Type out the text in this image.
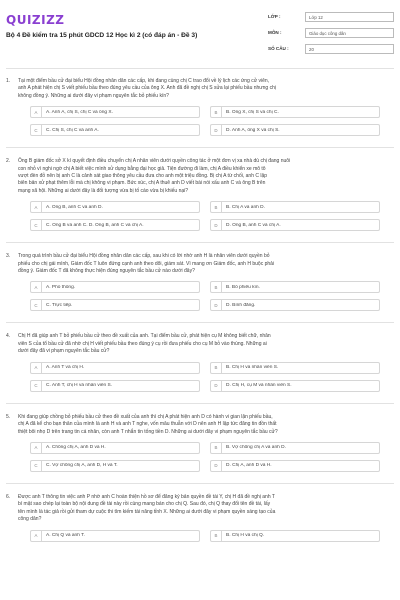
QUIZIZZ
Bộ 4 Đề kiểm tra 15 phút GDCD 12 Học kì 2 (có đáp án - Đề 3)
LỚP :	Lớp 12
MÔN :	Giáo dục công dân
SỐ CÂU :	20
1.	Tại một điểm bầu cử đại biểu Hội đồng nhân dân các cấp, khi đang cùng chị C trao đổi về lý lịch các ứng cử viên,
anh A phát hiện chị S viết phiếu bầu theo đúng yêu cầu của ông X. Anh đã đề nghị chị S sửa lại phiếu bầu nhưng chị
không đồng ý. Những ai dưới đây vi phạm nguyên tắc bỏ phiếu kín?
A	A. Anh A, chị S, chị C và ông X.	B	B. Ông X, chị S và chị C.
C	C. Chị S, chị C và anh A.	D	D. Anh A, ông X và chị S.
2.	Ông B giám đốc sở X kí quyết định điều chuyển chị A nhân viên dưới quyền công tác ở một đơn vị xa nhà dù chị đang nuôi
con nhỏ vì nghi ngờ chị A biết việc mình sử dụng bằng đại học giả. Tiện đường đi làm, chị A điều khiển xe mô tô
vượt đèn đỏ nên bị anh C là cảnh sát giao thông yêu cầu đưa cho anh một triệu đồng. Bị chị A từ chối, anh C lập
biên bản xử phạt thêm lỗi mà chị không vi phạm. Bức xúc, chị A thuê anh D viết bài nói xấu anh C và ông B trên
mạng xã hội. Những ai dưới đây là đối tượng vừa bị tố cáo vừa bị khiếu nại?
A	A. Ông B, anh C và anh D.	B	B. Chị A và anh D.
C	C. Ông B và anh C. D. Ông B, anh C và chị A.	D	D. Ông B, anh C và chị A.
3.	Trong quá trình bầu cử đại biểu Hội đồng nhân dân các cấp, sau khi có lời nhờ anh H là nhân viên dưới quyền bỏ
phiếu cho chị gái mình, Giám đốc T luôn đứng cạnh anh theo dõi, giám sát. Vì mang ơn Giám đốc, anh H buộc phải
đồng ý. Giám đốc T đã không thực hiện đúng nguyên tắc bầu cử nào dưới đây?
A	A. Phổ thông.	B	B. Bỏ phiếu kín.
C	C. Trực tiếp.	D	D. Bình đẳng.
4.	Chị H đã giúp anh T bỏ phiếu bầu cử theo đề xuất của anh. Tại điểm bầu cử, phát hiện cụ M không biết chữ, nhân
viên S của tổ bầu cử đã nhờ chị H viết phiếu bầu theo đúng ý cụ rồi đưa phiếu cho cụ M bỏ vào thùng. Những ai
dưới đây đã vi phạm nguyên tắc bầu cử?
A	A. Anh T và chị H.	B	B. Chị H và nhân viên S.
C	C. Anh T, chị H và nhân viên S.	D	D. Chị H, cụ M và nhân viên S.
5.	Khi đang giúp chồng bỏ phiếu bầu cử theo đề xuất của anh thì chị A phát hiện anh D có hành vi gian lận phiếu bầu,
chị A đã kể cho bạn thân của mình là anh H và anh T nghe, vốn mâu thuẫn với D nên anh H lập tức đăng tin đồn thất
thiệt bôi nhọ D trên trang tin cá nhân, còn anh T nhắn tin tống tiền D. Những ai dưới đây vi phạm nguyên tắc bầu cử?
A	A. Chồng chị A, anh D và H.	B	B. Vợ chồng chị A và anh D.
C	C. Vợ chồng chị A, anh D, H và T.	D	D. Chị A, anh D và H.
6.	Được anh T thông tin việc anh P nhờ anh C hoàn thiện hồ sơ để đăng ký bản quyền đề tài Y, chị H đã đề nghị anh T
bí mật sao chép lại toàn bộ nội dung đề tài này rồi cùng mang bán cho chị Q. Sau đó, chị Q thay đổi tên đề tài, lấy
tên mình là tác giả rồi gửi tham dự cuộc thi tìm kiếm tài năng tỉnh X. Những ai dưới đây vi phạm quyền sáng tạo của
công dân?
A	A. Chị Q và anh T.	B	B. Chị H và chị Q.
